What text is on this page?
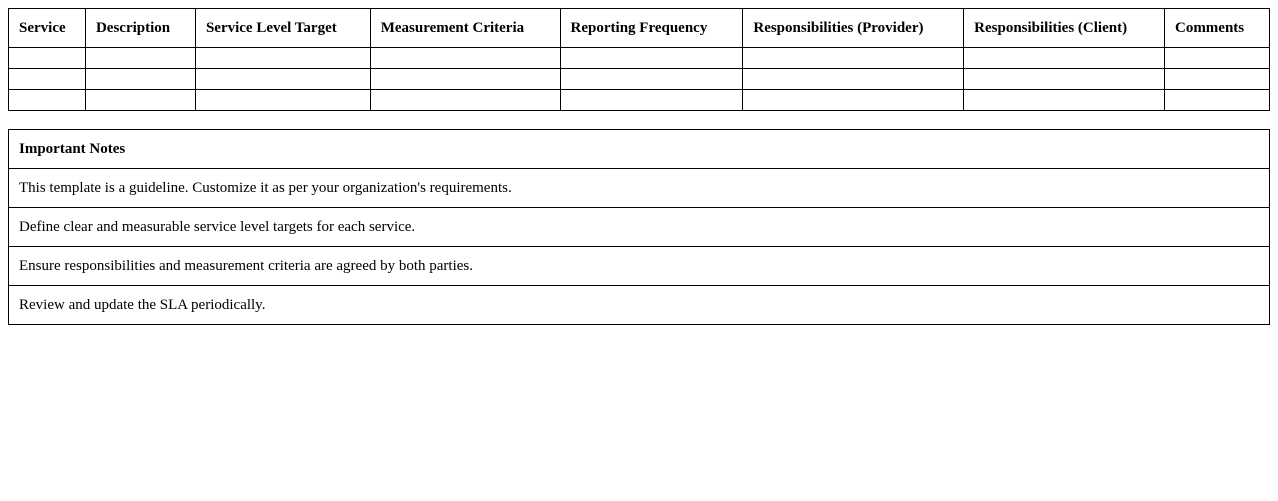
Service	Description	Service Level Target	Measurement Criteria	Reporting Frequency	Responsibilities (Provider)	Responsibilities (Client)	Comments

Important Notes
This template is a guideline. Customize it as per your organization's requirements.
Define clear and measurable service level targets for each service.
Ensure responsibilities and measurement criteria are agreed by both parties.
Review and update the SLA periodically.
